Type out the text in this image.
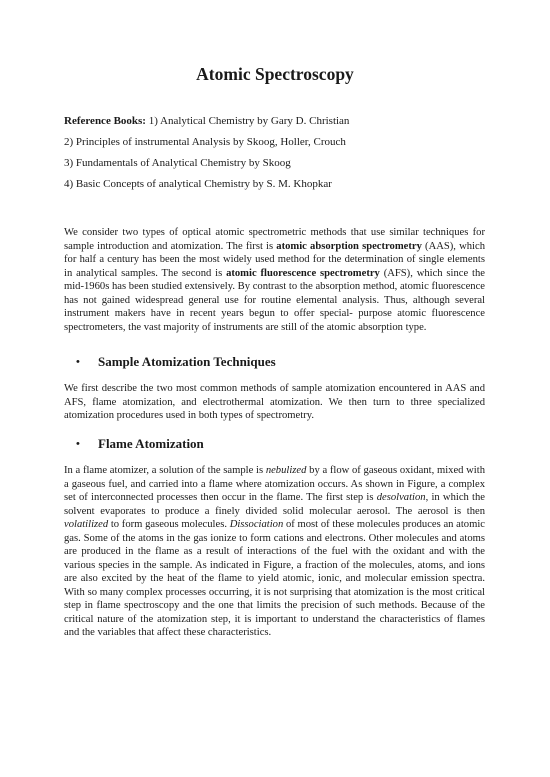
Atomic Spectroscopy
Reference Books: 1) Analytical Chemistry by Gary D. Christian
2) Principles of instrumental Analysis by Skoog, Holler, Crouch
3) Fundamentals of Analytical Chemistry by Skoog
4) Basic Concepts of analytical Chemistry by S. M. Khopkar
We consider two types of optical atomic spectrometric methods that use similar techniques for sample introduction and atomization. The first is atomic absorption spectrometry (AAS), which for half a century has been the most widely used method for the determination of single elements in analytical samples. The second is atomic fluorescence spectrometry (AFS), which since the mid-1960s has been studied extensively. By contrast to the absorption method, atomic fluorescence has not gained widespread general use for routine elemental analysis. Thus, although several instrument makers have in recent years begun to offer special- purpose atomic fluorescence spectrometers, the vast majority of instruments are still of the atomic absorption type.
• Sample Atomization Techniques
We first describe the two most common methods of sample atomization encountered in AAS and AFS, flame atomization, and electrothermal atomization. We then turn to three specialized atomization procedures used in both types of spectrometry.
• Flame Atomization
In a flame atomizer, a solution of the sample is nebulized by a flow of gaseous oxidant, mixed with a gaseous fuel, and carried into a flame where atomization occurs. As shown in Figure, a complex set of interconnected processes then occur in the flame. The first step is desolvation, in which the solvent evaporates to produce a finely divided solid molecular aerosol. The aerosol is then volatilized to form gaseous molecules. Dissociation of most of these molecules produces an atomic gas. Some of the atoms in the gas ionize to form cations and electrons. Other molecules and atoms are produced in the flame as a result of interactions of the fuel with the oxidant and with the various species in the sample. As indicated in Figure, a fraction of the molecules, atoms, and ions are also excited by the heat of the flame to yield atomic, ionic, and molecular emission spectra. With so many complex processes occurring, it is not surprising that atomization is the most critical step in flame spectroscopy and the one that limits the precision of such methods. Because of the critical nature of the atomization step, it is important to understand the characteristics of flames and the variables that affect these characteristics.
